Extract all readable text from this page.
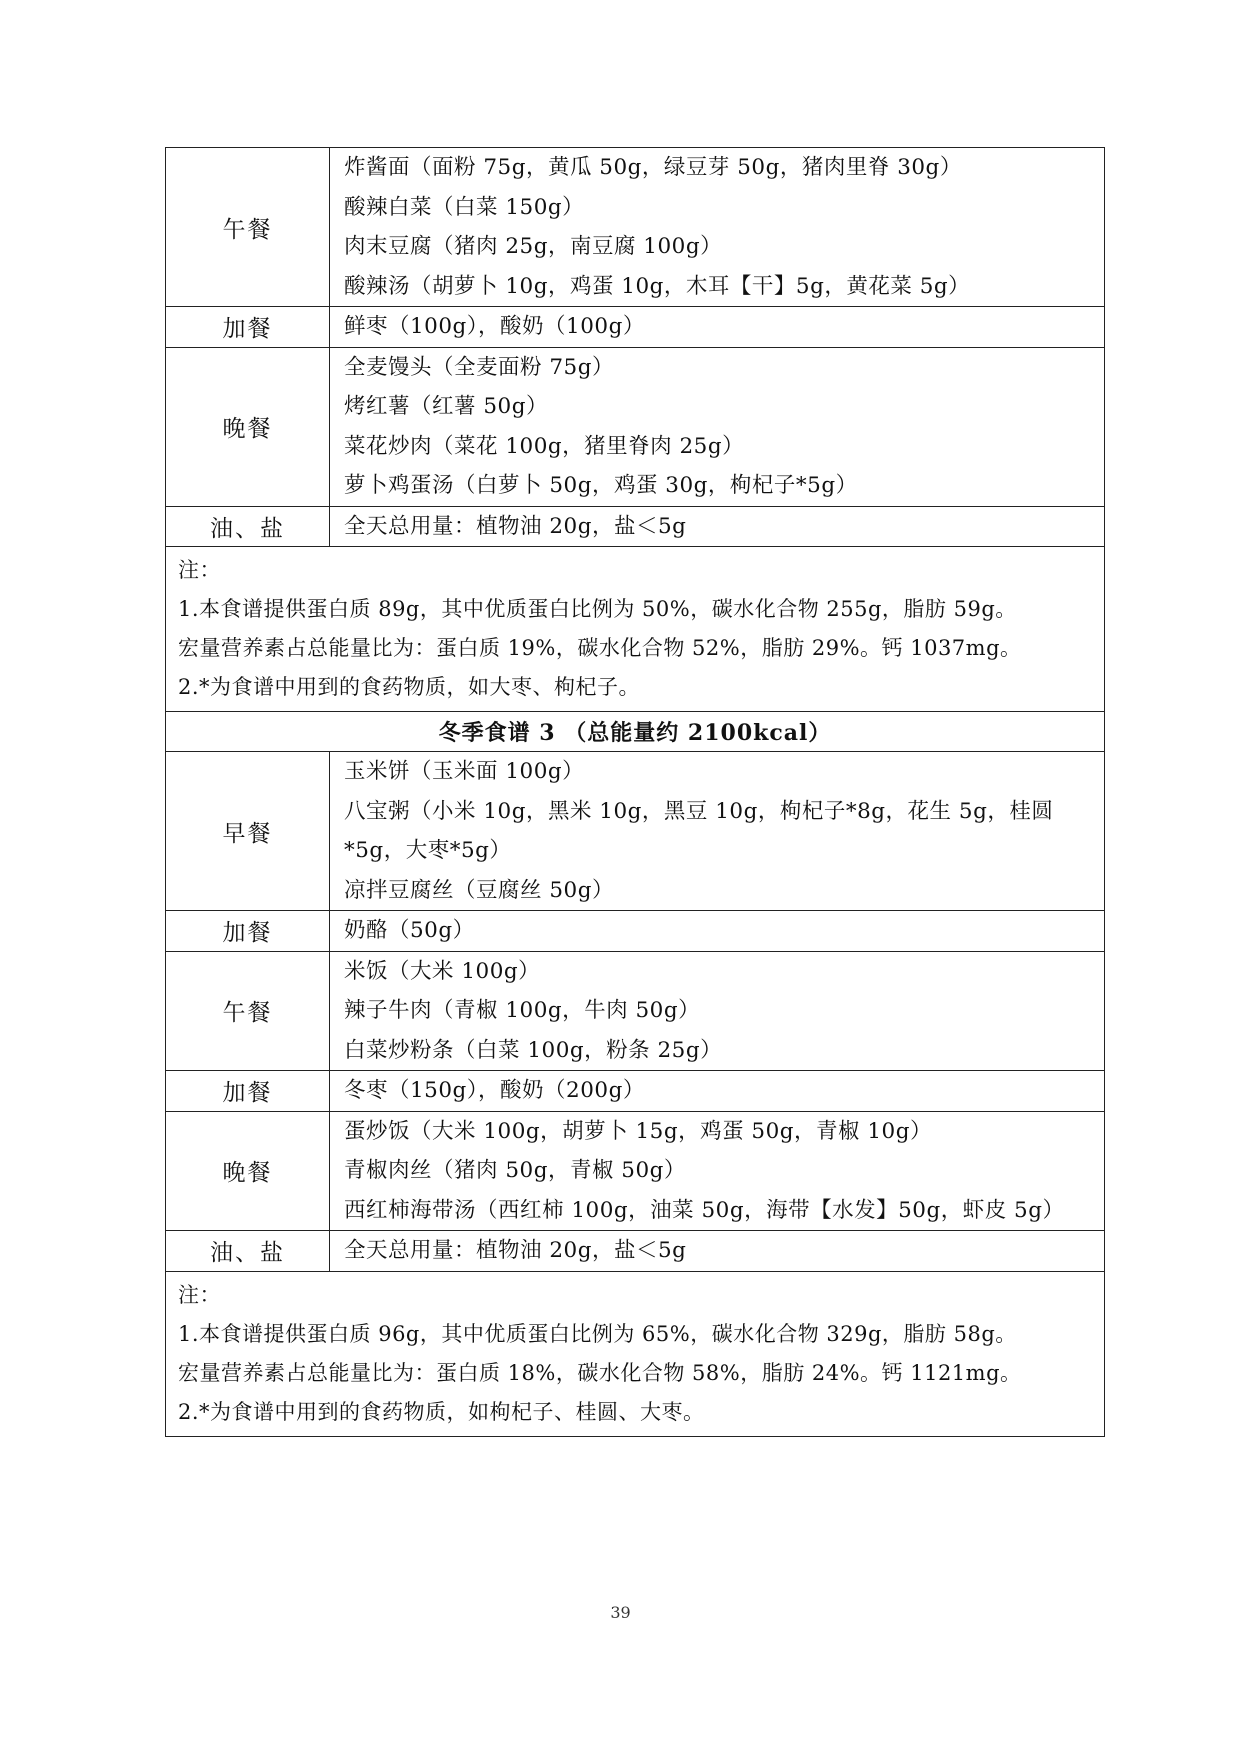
午餐	炸酱面（面粉 75g，黄瓜 50g，绿豆芽 50g，猪肉里脊 30g）
酸辣白菜（白菜 150g）
肉末豆腐（猪肉 25g，南豆腐 100g）
酸辣汤（胡萝卜 10g，鸡蛋 10g，木耳【干】5g，黄花菜 5g）

加餐	鲜枣（100g），酸奶（100g）

晚餐	全麦馒头（全麦面粉 75g）
烤红薯（红薯 50g）
菜花炒肉（菜花 100g，猪里脊肉 25g）
萝卜鸡蛋汤（白萝卜 50g，鸡蛋 30g，枸杞子*5g）

油、盐	全天总用量：植物油 20g，盐＜5g

注：
1.本食谱提供蛋白质 89g，其中优质蛋白比例为 50%，碳水化合物 255g，脂肪 59g。
宏量营养素占总能量比为：蛋白质 19%，碳水化合物 52%，脂肪 29%。钙 1037mg。
2.*为食谱中用到的食药物质，如大枣、枸杞子。	

冬季食谱 3 （总能量约 2100kcal）	
早餐	玉米饼（玉米面 100g）
八宝粥（小米 10g，黑米 10g，黑豆 10g，枸杞子*8g，花生 5g，桂圆*5g，大枣*5g）
凉拌豆腐丝（豆腐丝 50g）

加餐	奶酪（50g）

午餐	米饭（大米 100g）
辣子牛肉（青椒 100g，牛肉 50g）
白菜炒粉条（白菜 100g，粉条 25g）

加餐	冬枣（150g），酸奶（200g）

晚餐	蛋炒饭（大米 100g，胡萝卜 15g，鸡蛋 50g，青椒 10g）
青椒肉丝（猪肉 50g，青椒 50g）
西红柿海带汤（西红柿 100g，油菜 50g，海带【水发】50g，虾皮 5g）

油、盐	全天总用量：植物油 20g，盐＜5g

注：
1.本食谱提供蛋白质 96g，其中优质蛋白比例为 65%，碳水化合物 329g，脂肪 58g。
宏量营养素占总能量比为：蛋白质 18%，碳水化合物 58%，脂肪 24%。钙 1121mg。
2.*为食谱中用到的食药物质，如枸杞子、桂圆、大枣。	
39
